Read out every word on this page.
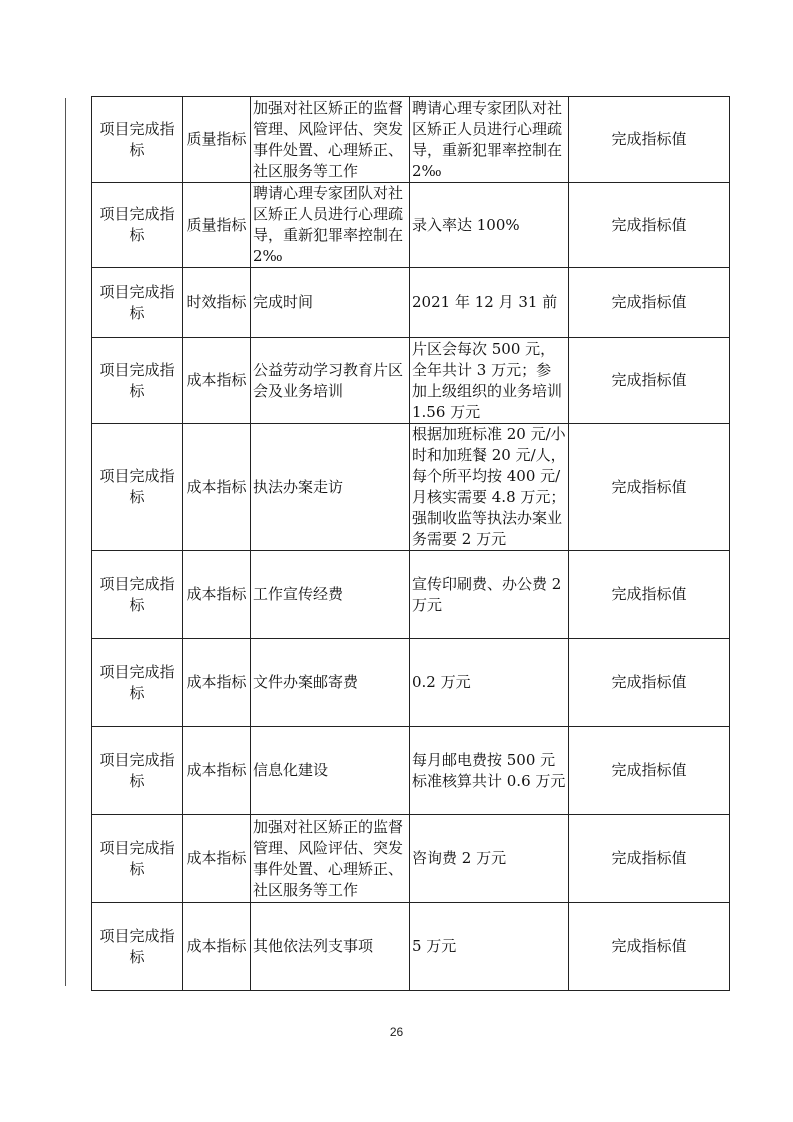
项目完成指标	质量指标	加强对社区矫正的监督管理、风险评估、突发事件处置、心理矫正、社区服务等工作	聘请心理专家团队对社区矫正人员进行心理疏导，重新犯罪率控制在 2‰	完成指标值
项目完成指标	质量指标	聘请心理专家团队对社区矫正人员进行心理疏导，重新犯罪率控制在 2‰	录入率达 100%	完成指标值
项目完成指标	时效指标	完成时间	2021 年 12 月 31 前	完成指标值
项目完成指标	成本指标	公益劳动学习教育片区会及业务培训	片区会每次 500 元，全年共计 3 万元；参加上级组织的业务培训 1.56 万元	完成指标值
项目完成指标	成本指标	执法办案走访	根据加班标准 20 元/小时和加班餐 20 元/人，每个所平均按 400 元/月核实需要 4.8 万元；强制收监等执法办案业务需要 2 万元	完成指标值
项目完成指标	成本指标	工作宣传经费	宣传印刷费、办公费 2 万元	完成指标值
项目完成指标	成本指标	文件办案邮寄费	0.2 万元	完成指标值
项目完成指标	成本指标	信息化建设	每月邮电费按 500 元标准核算共计 0.6 万元	完成指标值
项目完成指标	成本指标	加强对社区矫正的监督管理、风险评估、突发事件处置、心理矫正、社区服务等工作	咨询费 2 万元	完成指标值
项目完成指标	成本指标	其他依法列支事项	5 万元	完成指标值
26
